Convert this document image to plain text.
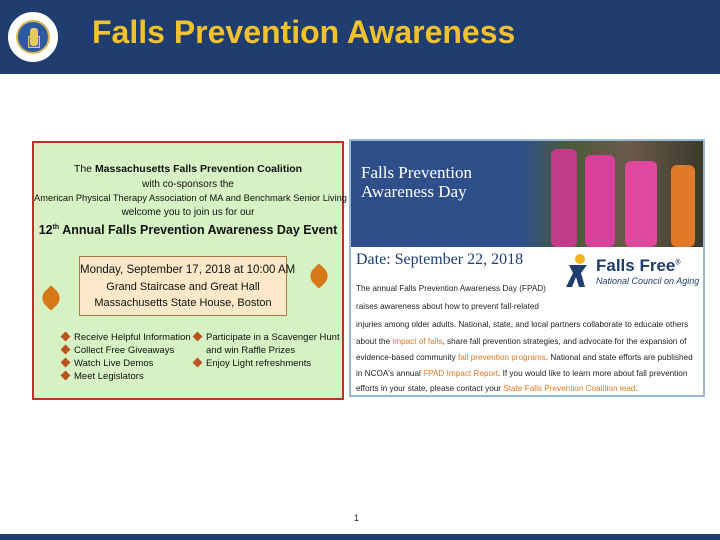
Falls Prevention Awareness
The Massachusetts Falls Prevention Coalition
with co-sponsors the
American Physical Therapy Association of MA and Benchmark Senior Living
welcome you to join us for our
12th Annual Falls Prevention Awareness Day Event
Monday, September 17, 2018 at 10:00 AM
Grand Staircase and Great Hall
Massachusetts State House, Boston
Receive Helpful Information
Collect Free Giveaways
Watch Live Demos
Meet Legislators
Participate in a Scavenger Hunt
and win Raffle Prizes
Enjoy Light refreshments
Falls Prevention
Awareness Day
Date: September 22, 2018	Falls Free®
National Council on Aging
The annual Falls Prevention Awareness Day (FPAD)
raises awareness about how to prevent fall-related
injuries among older adults. National, state, and local partners collaborate to educate others
about the impact of falls, share fall prevention strategies, and advocate for the expansion of
evidence-based community fall prevention programs. National and state efforts are published
in NCOA's annual FPAD Impact Report. If you would like to learn more about fall prevention
efforts in your state, please contact your State Falls Prevention Coalition lead.
1
